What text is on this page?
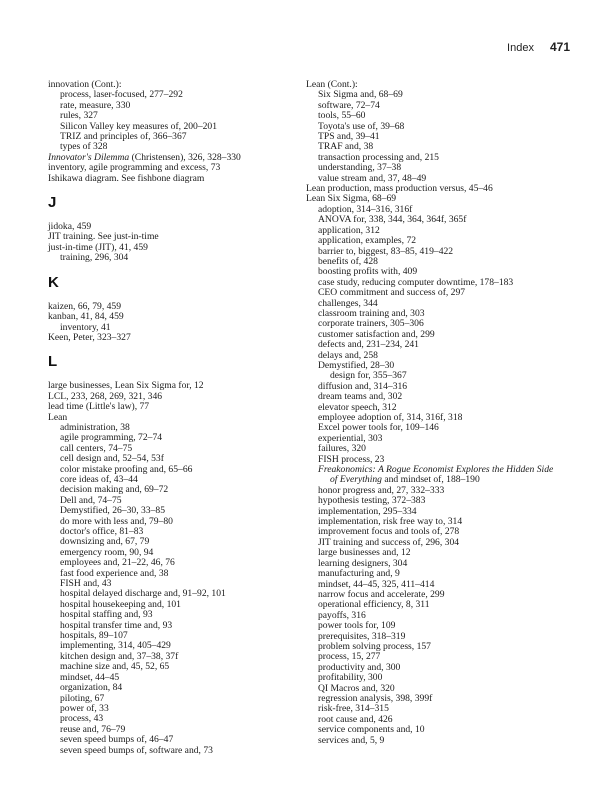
Index 471
innovation (Cont.):
process, laser-focused, 277–292
rate, measure, 330
rules, 327
Silicon Valley key measures of, 200–201
TRIZ and principles of, 366–367
types of 328
Innovator's Dilemma (Christensen), 326, 328–330
inventory, agile programming and excess, 73
Ishikawa diagram. See fishbone diagram
J
jidoka, 459
JIT training. See just-in-time
just-in-time (JIT), 41, 459
training, 296, 304
K
kaizen, 66, 79, 459
kanban, 41, 84, 459
inventory, 41
Keen, Peter, 323–327
L
large businesses, Lean Six Sigma for, 12
LCL, 233, 268, 269, 321, 346
lead time (Little's law), 77
Lean
administration, 38
agile programming, 72–74
call centers, 74–75
cell design and, 52–54, 53f
color mistake proofing and, 65–66
core ideas of, 43–44
decision making and, 69–72
Dell and, 74–75
Demystified, 26–30, 33–85
do more with less and, 79–80
doctor's office, 81–83
downsizing and, 67, 79
emergency room, 90, 94
employees and, 21–22, 46, 76
fast food experience and, 38
FISH and, 43
hospital delayed discharge and, 91–92, 101
hospital housekeeping and, 101
hospital staffing and, 93
hospital transfer time and, 93
hospitals, 89–107
implementing, 314, 405–429
kitchen design and, 37–38, 37f
machine size and, 45, 52, 65
mindset, 44–45
organization, 84
piloting, 67
power of, 33
process, 43
reuse and, 76–79
seven speed bumps of, 46–47
seven speed bumps of, software and, 73
Lean (Cont.):
Six Sigma and, 68–69
software, 72–74
tools, 55–60
Toyota's use of, 39–68
TPS and, 39–41
TRAF and, 38
transaction processing and, 215
understanding, 37–38
value stream and, 37, 48–49
Lean production, mass production versus, 45–46
Lean Six Sigma, 68–69
adoption, 314–316, 316f
ANOVA for, 338, 344, 364, 364f, 365f
application, 312
application, examples, 72
barrier to, biggest, 83–85, 419–422
benefits of, 428
boosting profits with, 409
case study, reducing computer downtime, 178–183
CEO commitment and success of, 297
challenges, 344
classroom training and, 303
corporate trainers, 305–306
customer satisfaction and, 299
defects and, 231–234, 241
delays and, 258
Demystified, 28–30
design for, 355–367
diffusion and, 314–316
dream teams and, 302
elevator speech, 312
employee adoption of, 314, 316f, 318
Excel power tools for, 109–146
experiential, 303
failures, 320
FISH process, 23
Freakonomics: A Rogue Economist Explores the Hidden Side
of Everything and mindset of, 188–190
honor progress and, 27, 332–333
hypothesis testing, 372–383
implementation, 295–334
implementation, risk free way to, 314
improvement focus and tools of, 278
JIT training and success of, 296, 304
large businesses and, 12
learning designers, 304
manufacturing and, 9
mindset, 44–45, 325, 411–414
narrow focus and accelerate, 299
operational efficiency, 8, 311
payoffs, 316
power tools for, 109
prerequisites, 318–319
problem solving process, 157
process, 15, 277
productivity and, 300
profitability, 300
QI Macros and, 320
regression analysis, 398, 399f
risk-free, 314–315
root cause and, 426
service components and, 10
services and, 5, 9
